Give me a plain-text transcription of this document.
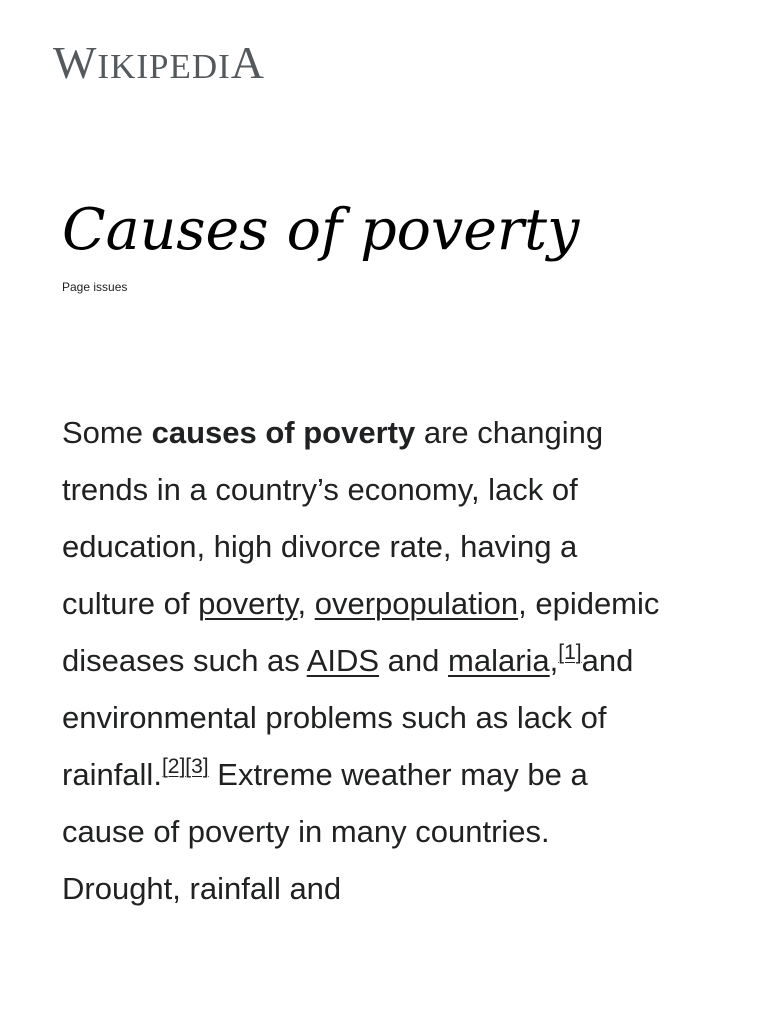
WIKIPEDIA
Causes of poverty
Page issues

Some causes of poverty are changing trends in a country’s economy, lack of education, high divorce rate, having a culture of poverty, overpopulation, epidemic diseases such as AIDS and malaria,[1]and environmental problems such as lack of rainfall.[2][3] Extreme weather may be a cause of poverty in many countries. Drought, rainfall and
